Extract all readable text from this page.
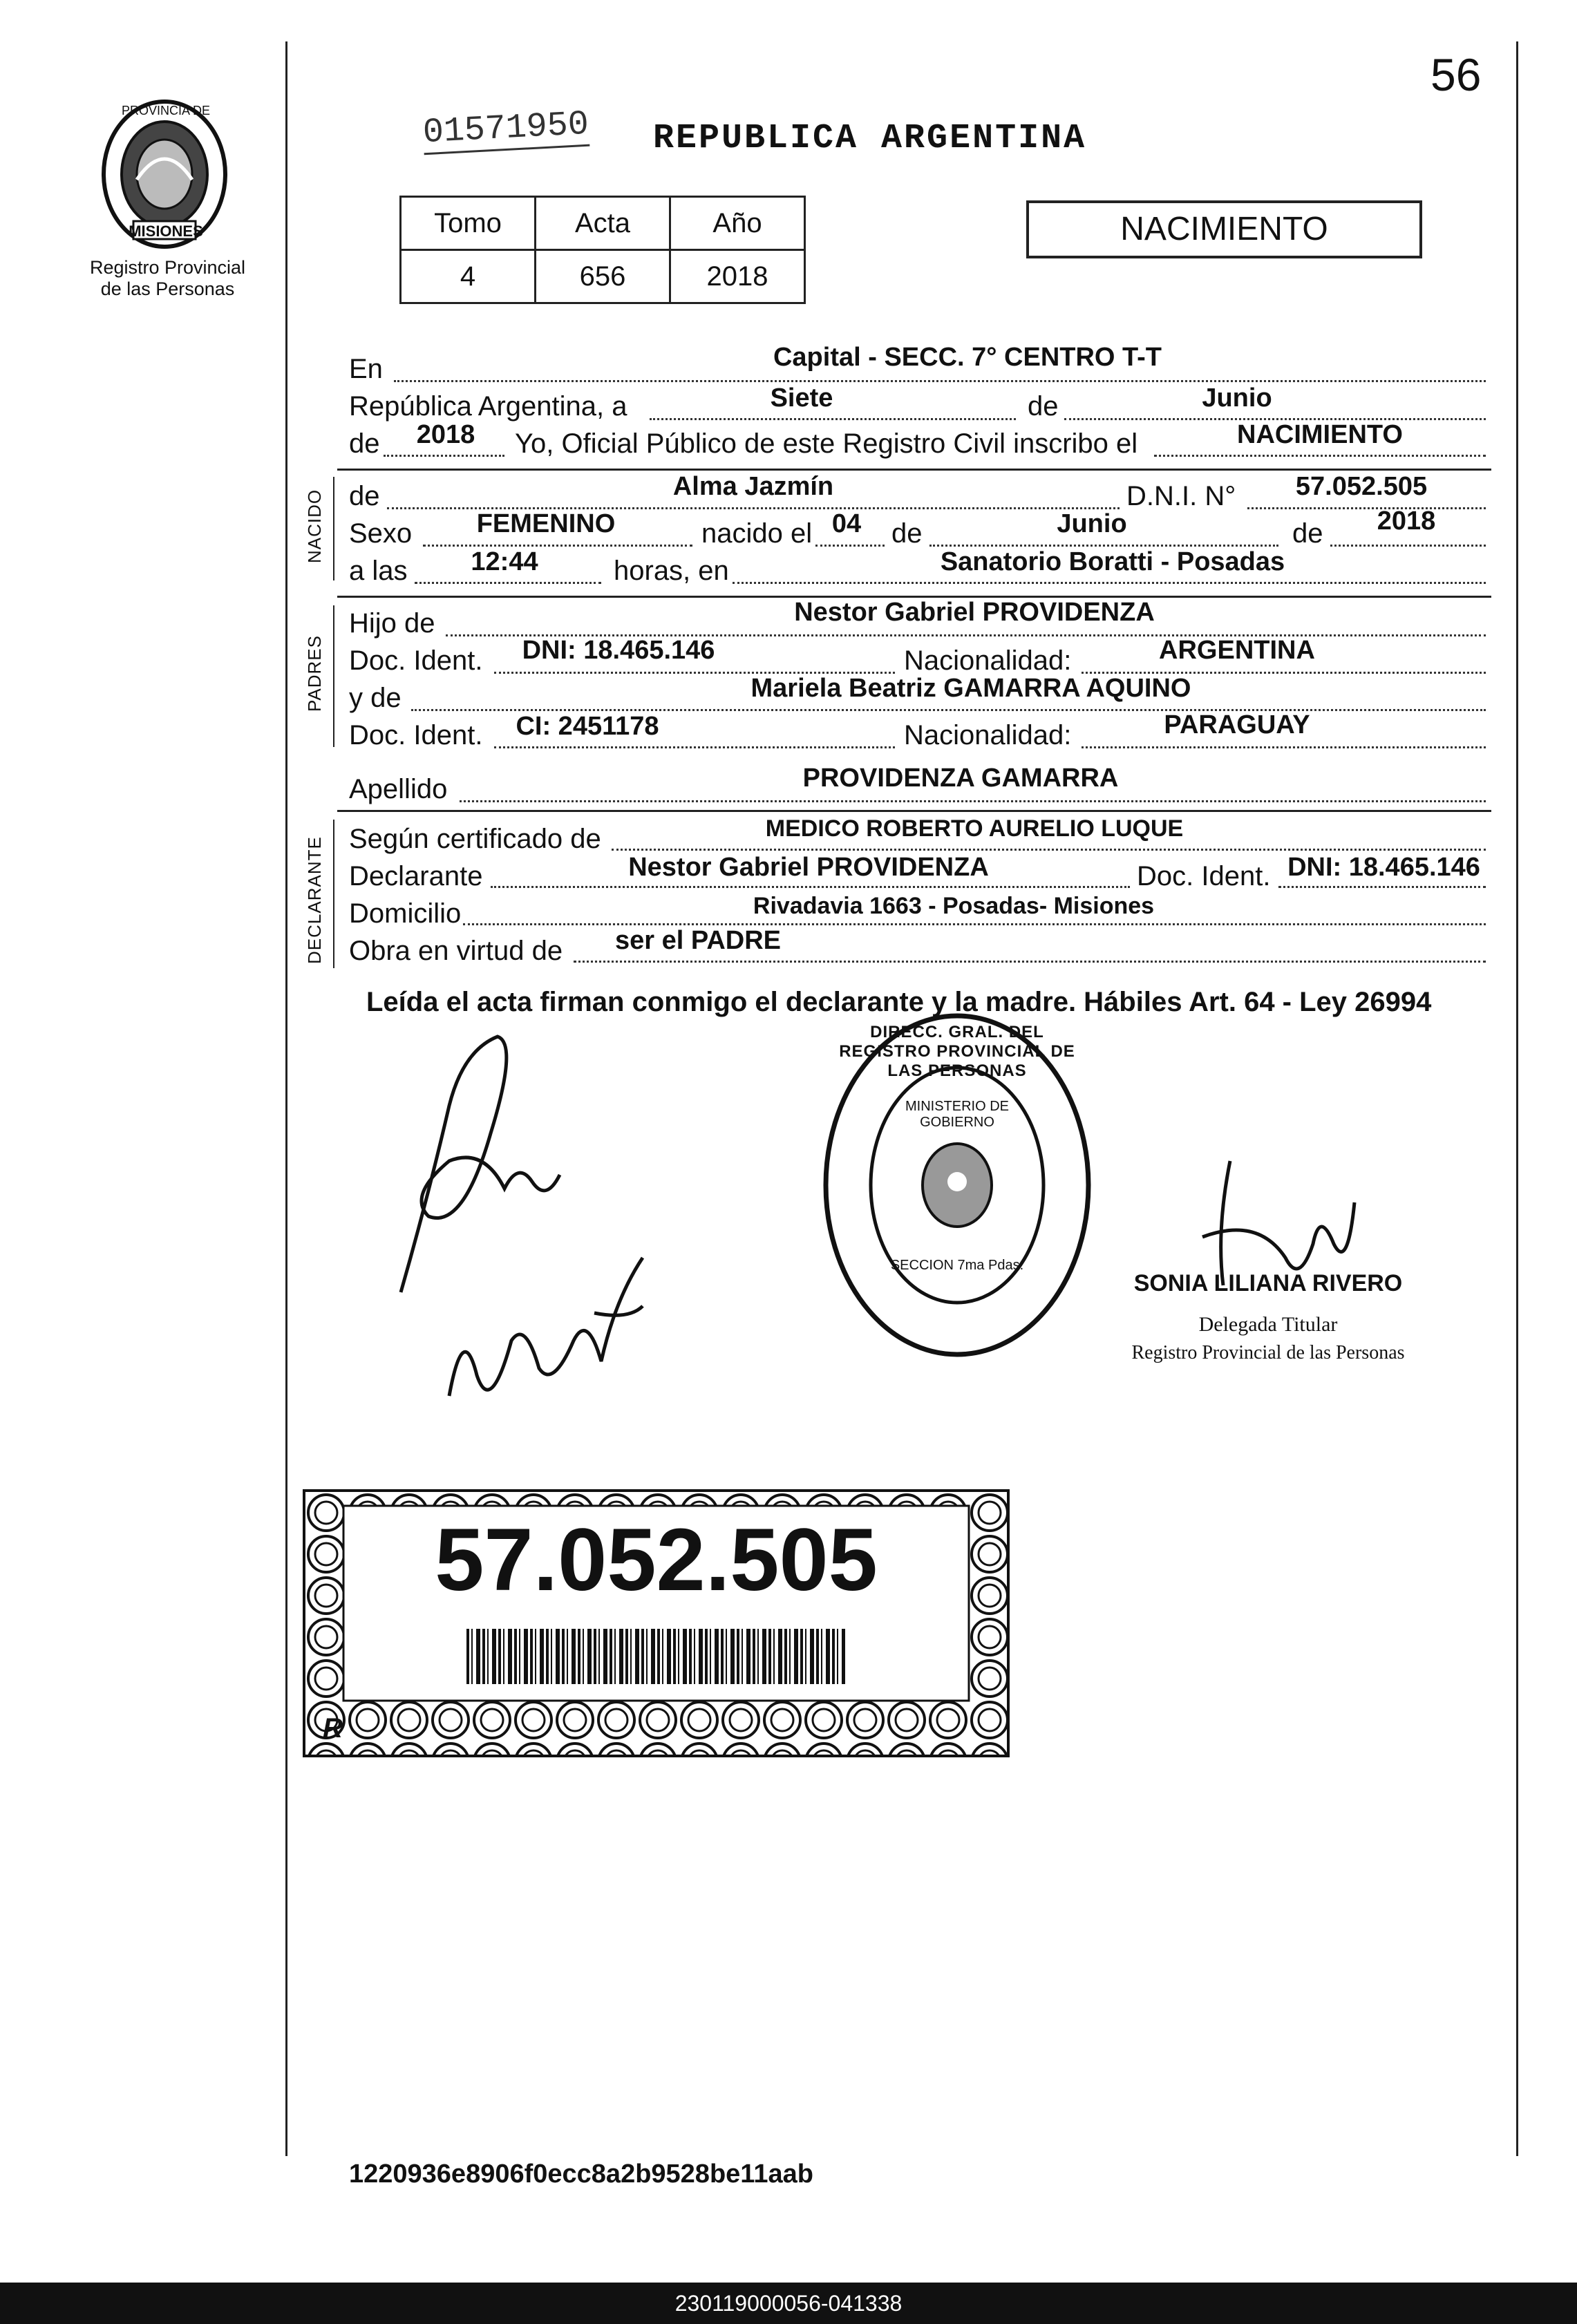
56
PROVINCIA DE
MISIONES
Registro Provincial
de las Personas
01571950 REPUBLICA ARGENTINA
Tomo	Acta	Año
4	656	2018
NACIMIENTO
En	Capital - SECC. 7° CENTRO T-T
República Argentina, a	Siete	de	Junio
de	2018	Yo, Oficial Público de este Registro Civil inscribo el	NACIMIENTO
NACIDO de	Alma Jazmín	D.N.I. N°	57.052.505
Sexo	FEMENINO	nacido el 04	de	Junio	de	2018
a las	12:44	horas, en	Sanatorio Boratti - Posadas
PADRES
Hijo de	Nestor Gabriel PROVIDENZA
Doc. Ident.	DNI: 18.465.146	Nacionalidad:	ARGENTINA
y de	Mariela Beatriz GAMARRA AQUINO
Doc. Ident.	CI: 2451178	Nacionalidad:	PARAGUAY
Apellido	PROVIDENZA GAMARRA
DECLARANTE Según certificado de	MEDICO ROBERTO AURELIO LUQUE
Declarante	Nestor Gabriel PROVIDENZA	Doc. Ident. DNI: 18.465.146
Domicilio	Rivadavia 1663 - Posadas- Misiones
Obra en virtud de	ser el PADRE
Leída el acta firman conmigo el declarante y la madre. Hábiles Art. 64 - Ley 26994
DIRECC. GRAL. DEL REGISTRO PROVINCIAL DE LAS PERSONAS
MINISTERIO DE GOBIERNO
SECCION 7ma Pdas.
SONIA LILIANA RIVERO
Delegada Titular
Registro Provincial de las Personas
57.052.505
R
1220936e8906f0ecc8a2b9528be11aab
230119000056-041338
